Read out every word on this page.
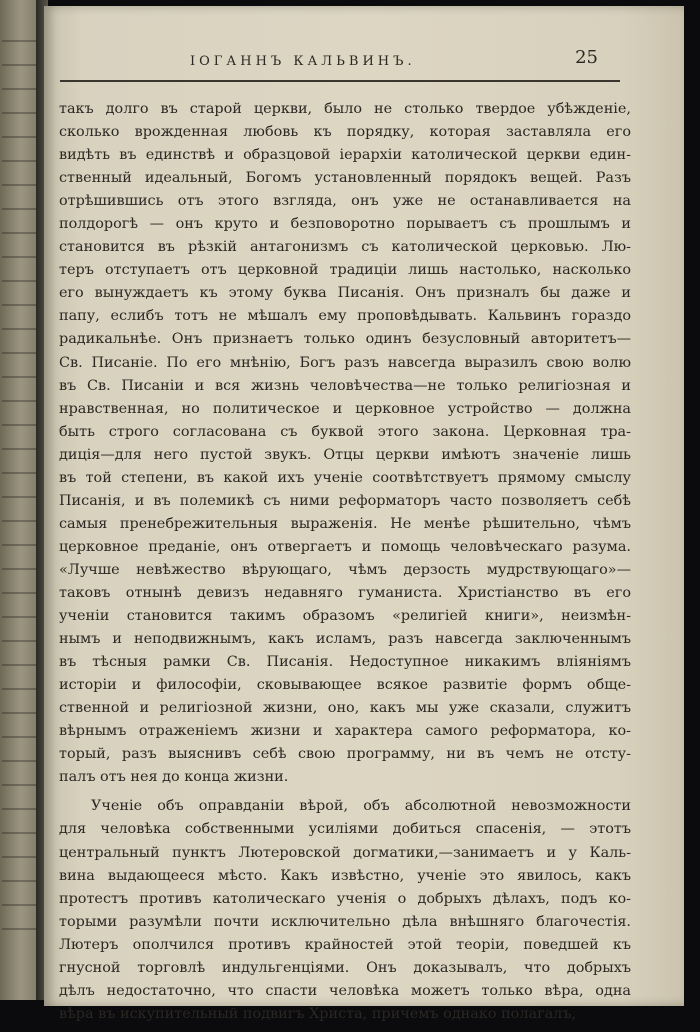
ІОГАННЪ КАЛЬВИНЪ.	25
такъ долго въ старой церкви, было не столько твердое убѣжденіе,
сколько врожденная любовь къ порядку, которая заставляла его
видѣть въ единствѣ и образцовой іерархіи католической церкви един-
ственный идеальный, Богомъ установленный порядокъ вещей. Разъ
отрѣшившись отъ этого взгляда, онъ уже не останавливается на
полдорогѣ — онъ круто и безповоротно порываетъ съ прошлымъ и
становится въ рѣзкій антагонизмъ съ католической церковью. Лю-
теръ отступаетъ отъ церковной традиціи лишь настолько, насколько
его вынуждаетъ къ этому буква Писанія. Онъ призналъ бы даже и
папу, еслибъ тотъ не мѣшалъ ему проповѣдывать. Кальвинъ гораздо
радикальнѣе. Онъ признаетъ только одинъ безусловный авторитетъ—
Св. Писаніе. По его мнѣнію, Богъ разъ навсегда выразилъ свою волю
въ Св. Писаніи и вся жизнь человѣчества—не только религіозная и
нравственная, но политическое и церковное устройство — должна
быть строго согласована съ буквой этого закона. Церковная тра-
диція—для него пустой звукъ. Отцы церкви имѣютъ значеніе лишь
въ той степени, въ какой ихъ ученіе соотвѣтствуетъ прямому смыслу
Писанія, и въ полемикѣ съ ними реформаторъ часто позволяетъ себѣ
самыя пренебрежительныя выраженія. Не менѣе рѣшительно, чѣмъ
церковное преданіе, онъ отвергаетъ и помощь человѣческаго разума.
«Лучше невѣжество вѣрующаго, чѣмъ дерзость мудрствующаго»—
таковъ отнынѣ девизъ недавняго гуманиста. Христіанство въ его
ученіи становится такимъ образомъ «религіей книги», неизмѣн-
нымъ и неподвижнымъ, какъ исламъ, разъ навсегда заключеннымъ
въ тѣсныя рамки Св. Писанія. Недоступное никакимъ вліяніямъ
исторіи и философіи, сковывающее всякое развитіе формъ обще-
ственной и религіозной жизни, оно, какъ мы уже сказали, служитъ
вѣрнымъ отраженіемъ жизни и характера самого реформатора, ко-
торый, разъ выяснивъ себѣ свою программу, ни въ чемъ не отсту-
палъ отъ нея до конца жизни.
Ученіе объ оправданіи вѣрой, объ абсолютной невозможности
для человѣка собственными усиліями добиться спасенія, — этотъ
центральный пунктъ Лютеровской догматики,—занимаетъ и у Каль-
вина выдающееся мѣсто. Какъ извѣстно, ученіе это явилось, какъ
протестъ противъ католическаго ученія о добрыхъ дѣлахъ, подъ ко-
торыми разумѣли почти исключительно дѣла внѣшняго благочестія.
Лютеръ ополчился противъ крайностей этой теоріи, поведшей къ
гнусной торговлѣ индульгенціями. Онъ доказывалъ, что добрыхъ
дѣлъ недостаточно, что спасти человѣка можетъ только вѣра, одна
вѣра въ искупительный подвигъ Христа, причемъ однако полагалъ,
